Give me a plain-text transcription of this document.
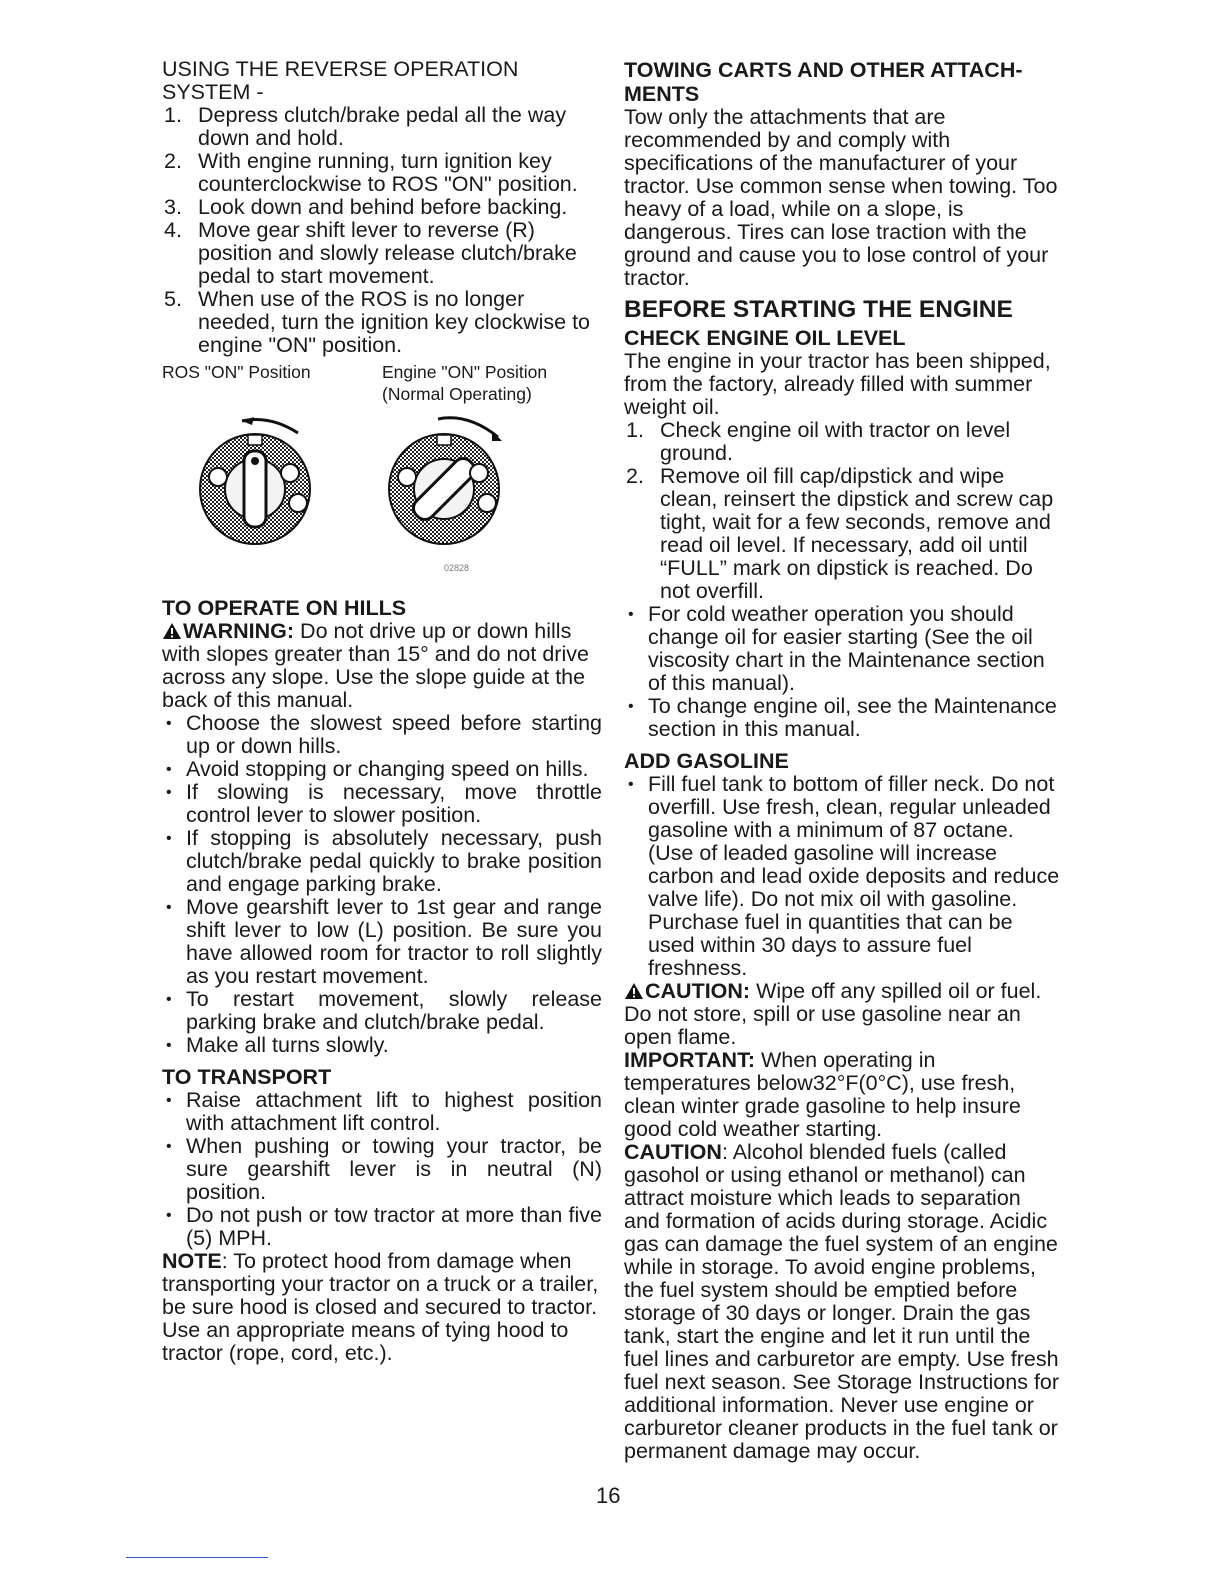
USING THE REVERSE OPERATION

SYSTEM -

1. Depress clutch/brake pedal all the way down and hold.
2. With engine running, turn ignition key counterclockwise to ROS "ON" position.
3. Look down and behind before backing.
4. Move gear shift lever to reverse (R) position and slowly release clutch/brake pedal to start movement.
5. When use of the ROS is no longer needed, turn the ignition key clockwise to engine "ON" position.
ROS "ON" Position	Engine "ON" Position
(Normal Operating)
02828
TO OPERATE ON HILLS

WARNING: Do not drive up or down hills with slopes greater than 15° and do not drive across any slope. Use the slope guide at the back of this manual.

• Choose the slowest speed before starting up or down hills.
• Avoid stopping or changing speed on hills.
• If slowing is necessary, move throttle control lever to slower position.
• If stopping is absolutely necessary, push clutch/brake pedal quickly to brake position and engage parking brake.
• Move gearshift lever to 1st gear and range shift lever to low (L) position. Be sure you have allowed room for tractor to roll slightly as you restart movement.
• To restart movement, slowly release parking brake and clutch/brake pedal.
• Make all turns slowly.
TO TRANSPORT
• Raise attachment lift to highest position with attachment lift control.
• When pushing or towing your tractor, be sure gearshift lever is in neutral (N) position.
• Do not push or tow tractor at more than five (5) MPH.

NOTE: To protect hood from damage when transporting your tractor on a truck or a trailer, be sure hood is closed and secured to tractor. Use an appropriate means of tying hood to tractor (rope, cord, etc.).

TOWING CARTS AND OTHER ATTACH-MENTS

Tow only the attachments that are recommended by and comply with specifications of the manufacturer of your tractor. Use common sense when towing. Too heavy of a load, while on a slope, is dangerous. Tires can lose traction with the ground and cause you to lose control of your tractor.

BEFORE STARTING THE ENGINE
CHECK ENGINE OIL LEVEL

The engine in your tractor has been shipped, from the factory, already filled with summer weight oil.

1. Check engine oil with tractor on level ground.
2. Remove oil fill cap/dipstick and wipe clean, reinsert the dipstick and screw cap tight, wait for a few seconds, remove and read oil level. If necessary, add oil until “FULL” mark on dipstick is reached. Do not overfill.
• For cold weather operation you should change oil for easier starting (See the oil viscosity chart in the Maintenance section of this manual).
• To change engine oil, see the Maintenance section in this manual.
ADD GASOLINE
• Fill fuel tank to bottom of filler neck. Do not overfill. Use fresh, clean, regular unleaded gasoline with a minimum of 87 octane. (Use of leaded gasoline will increase carbon and lead oxide deposits and reduce valve life). Do not mix oil with gasoline. Purchase fuel in quantities that can be used within 30 days to assure fuel freshness.

CAUTION: Wipe off any spilled oil or fuel. Do not store, spill or use gasoline near an open flame.

IMPORTANT: When operating in temperatures below32°F(0°C), use fresh, clean winter grade gasoline to help insure good cold weather starting.

CAUTION: Alcohol blended fuels (called gasohol or using ethanol or methanol) can attract moisture which leads to separation and formation of acids during storage. Acidic gas can damage the fuel system of an engine while in storage. To avoid engine problems, the fuel system should be emptied before storage of 30 days or longer. Drain the gas tank, start the engine and let it run until the fuel lines and carburetor are empty. Use fresh fuel next season. See Storage Instructions for additional information. Never use engine or carburetor cleaner products in the fuel tank or permanent damage may occur.

16
